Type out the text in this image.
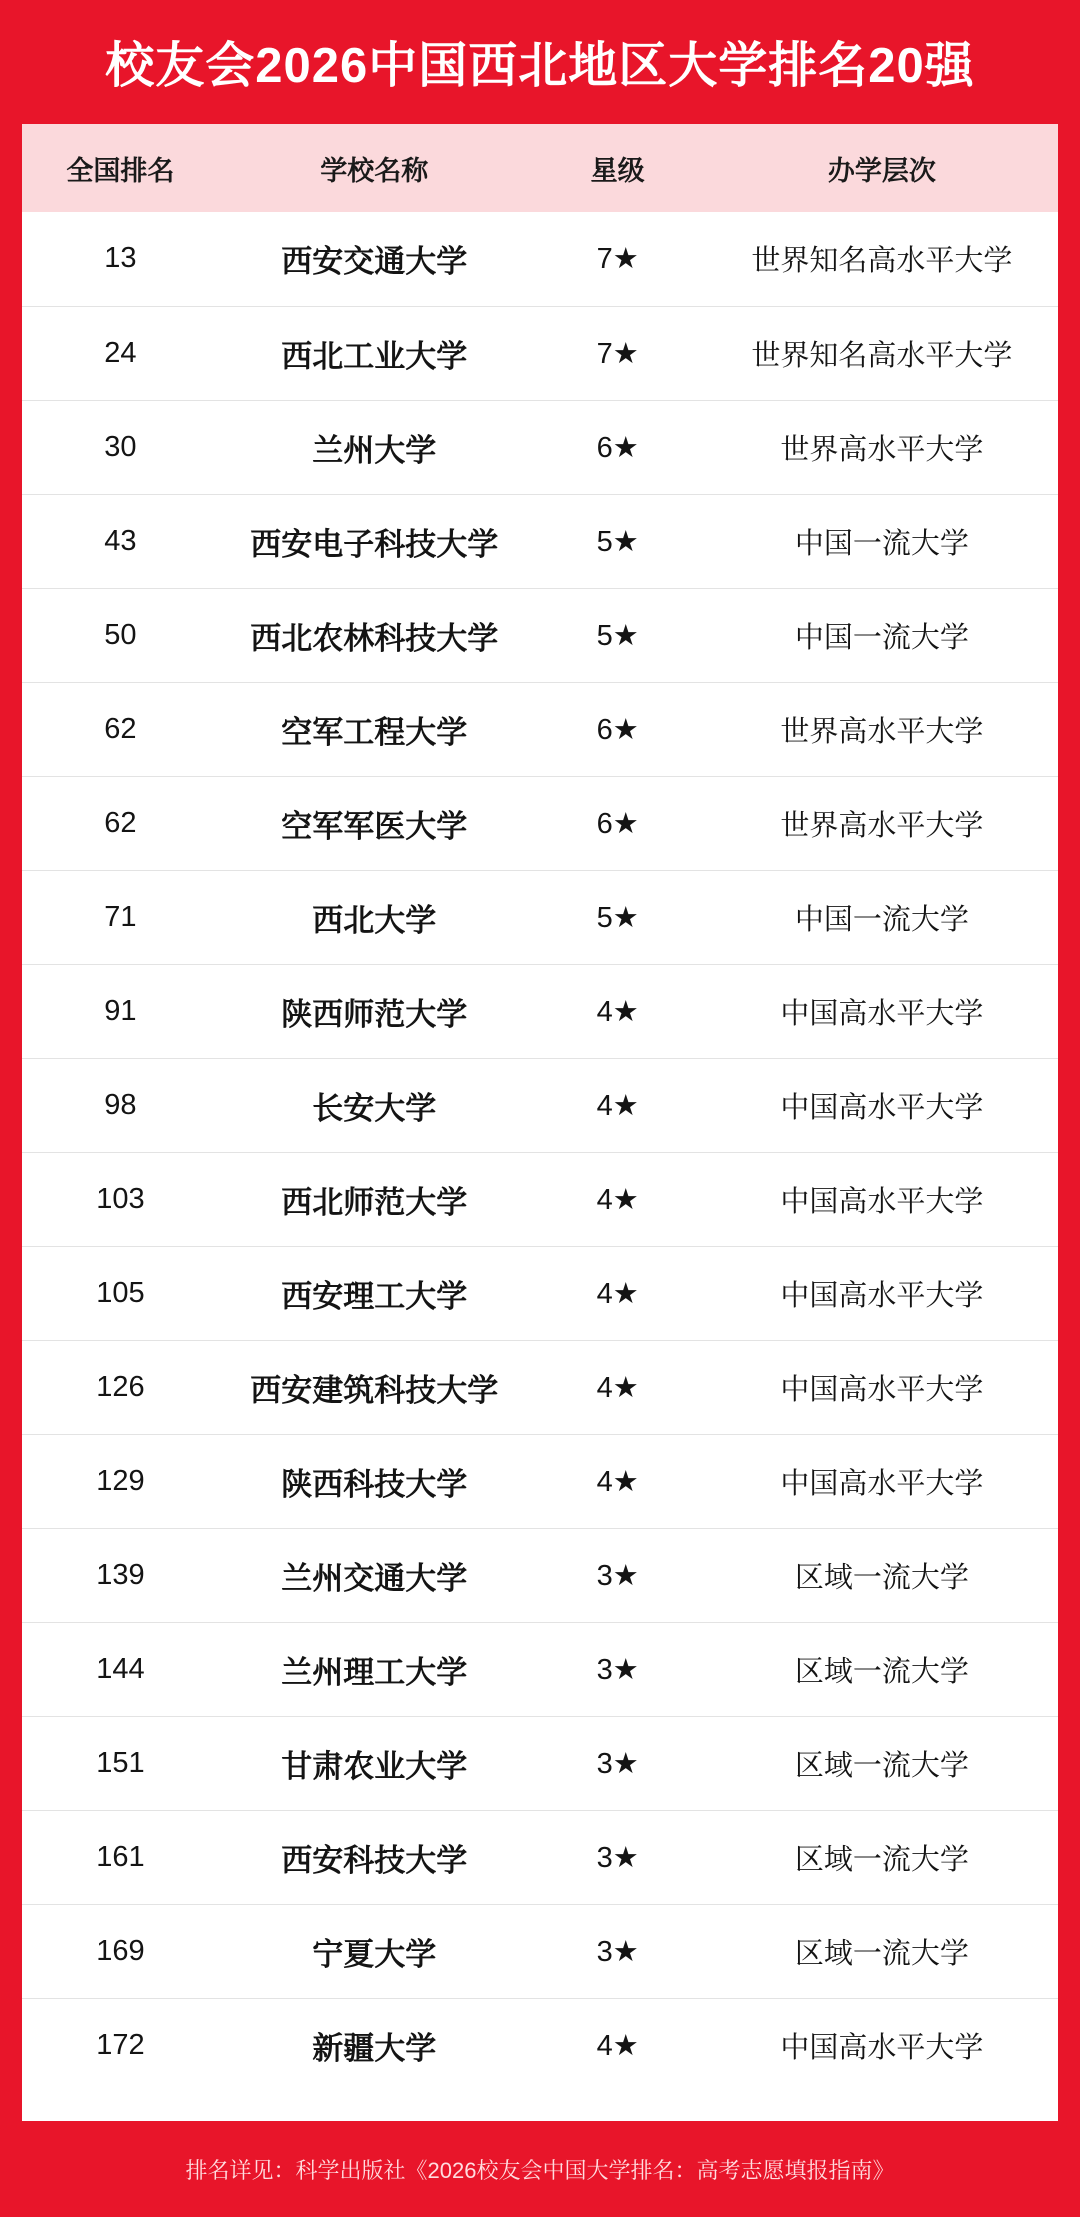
校友会2026中国西北地区大学排名20强
全国排名	学校名称	星级	办学层次
13	西安交通大学	7★	世界知名高水平大学
24	西北工业大学	7★	世界知名高水平大学
30	兰州大学	6★	世界高水平大学
43	西安电子科技大学	5★	中国一流大学
50	西北农林科技大学	5★	中国一流大学
62	空军工程大学	6★	世界高水平大学
62	空军军医大学	6★	世界高水平大学
71	西北大学	5★	中国一流大学
91	陕西师范大学	4★	中国高水平大学
98	长安大学	4★	中国高水平大学
103	西北师范大学	4★	中国高水平大学
105	西安理工大学	4★	中国高水平大学
126	西安建筑科技大学	4★	中国高水平大学
129	陕西科技大学	4★	中国高水平大学
139	兰州交通大学	3★	区域一流大学
144	兰州理工大学	3★	区域一流大学
151	甘肃农业大学	3★	区域一流大学
161	西安科技大学	3★	区域一流大学
169	宁夏大学	3★	区域一流大学
172	新疆大学	4★	中国高水平大学
排名详见：科学出版社《2026校友会中国大学排名：高考志愿填报指南》
